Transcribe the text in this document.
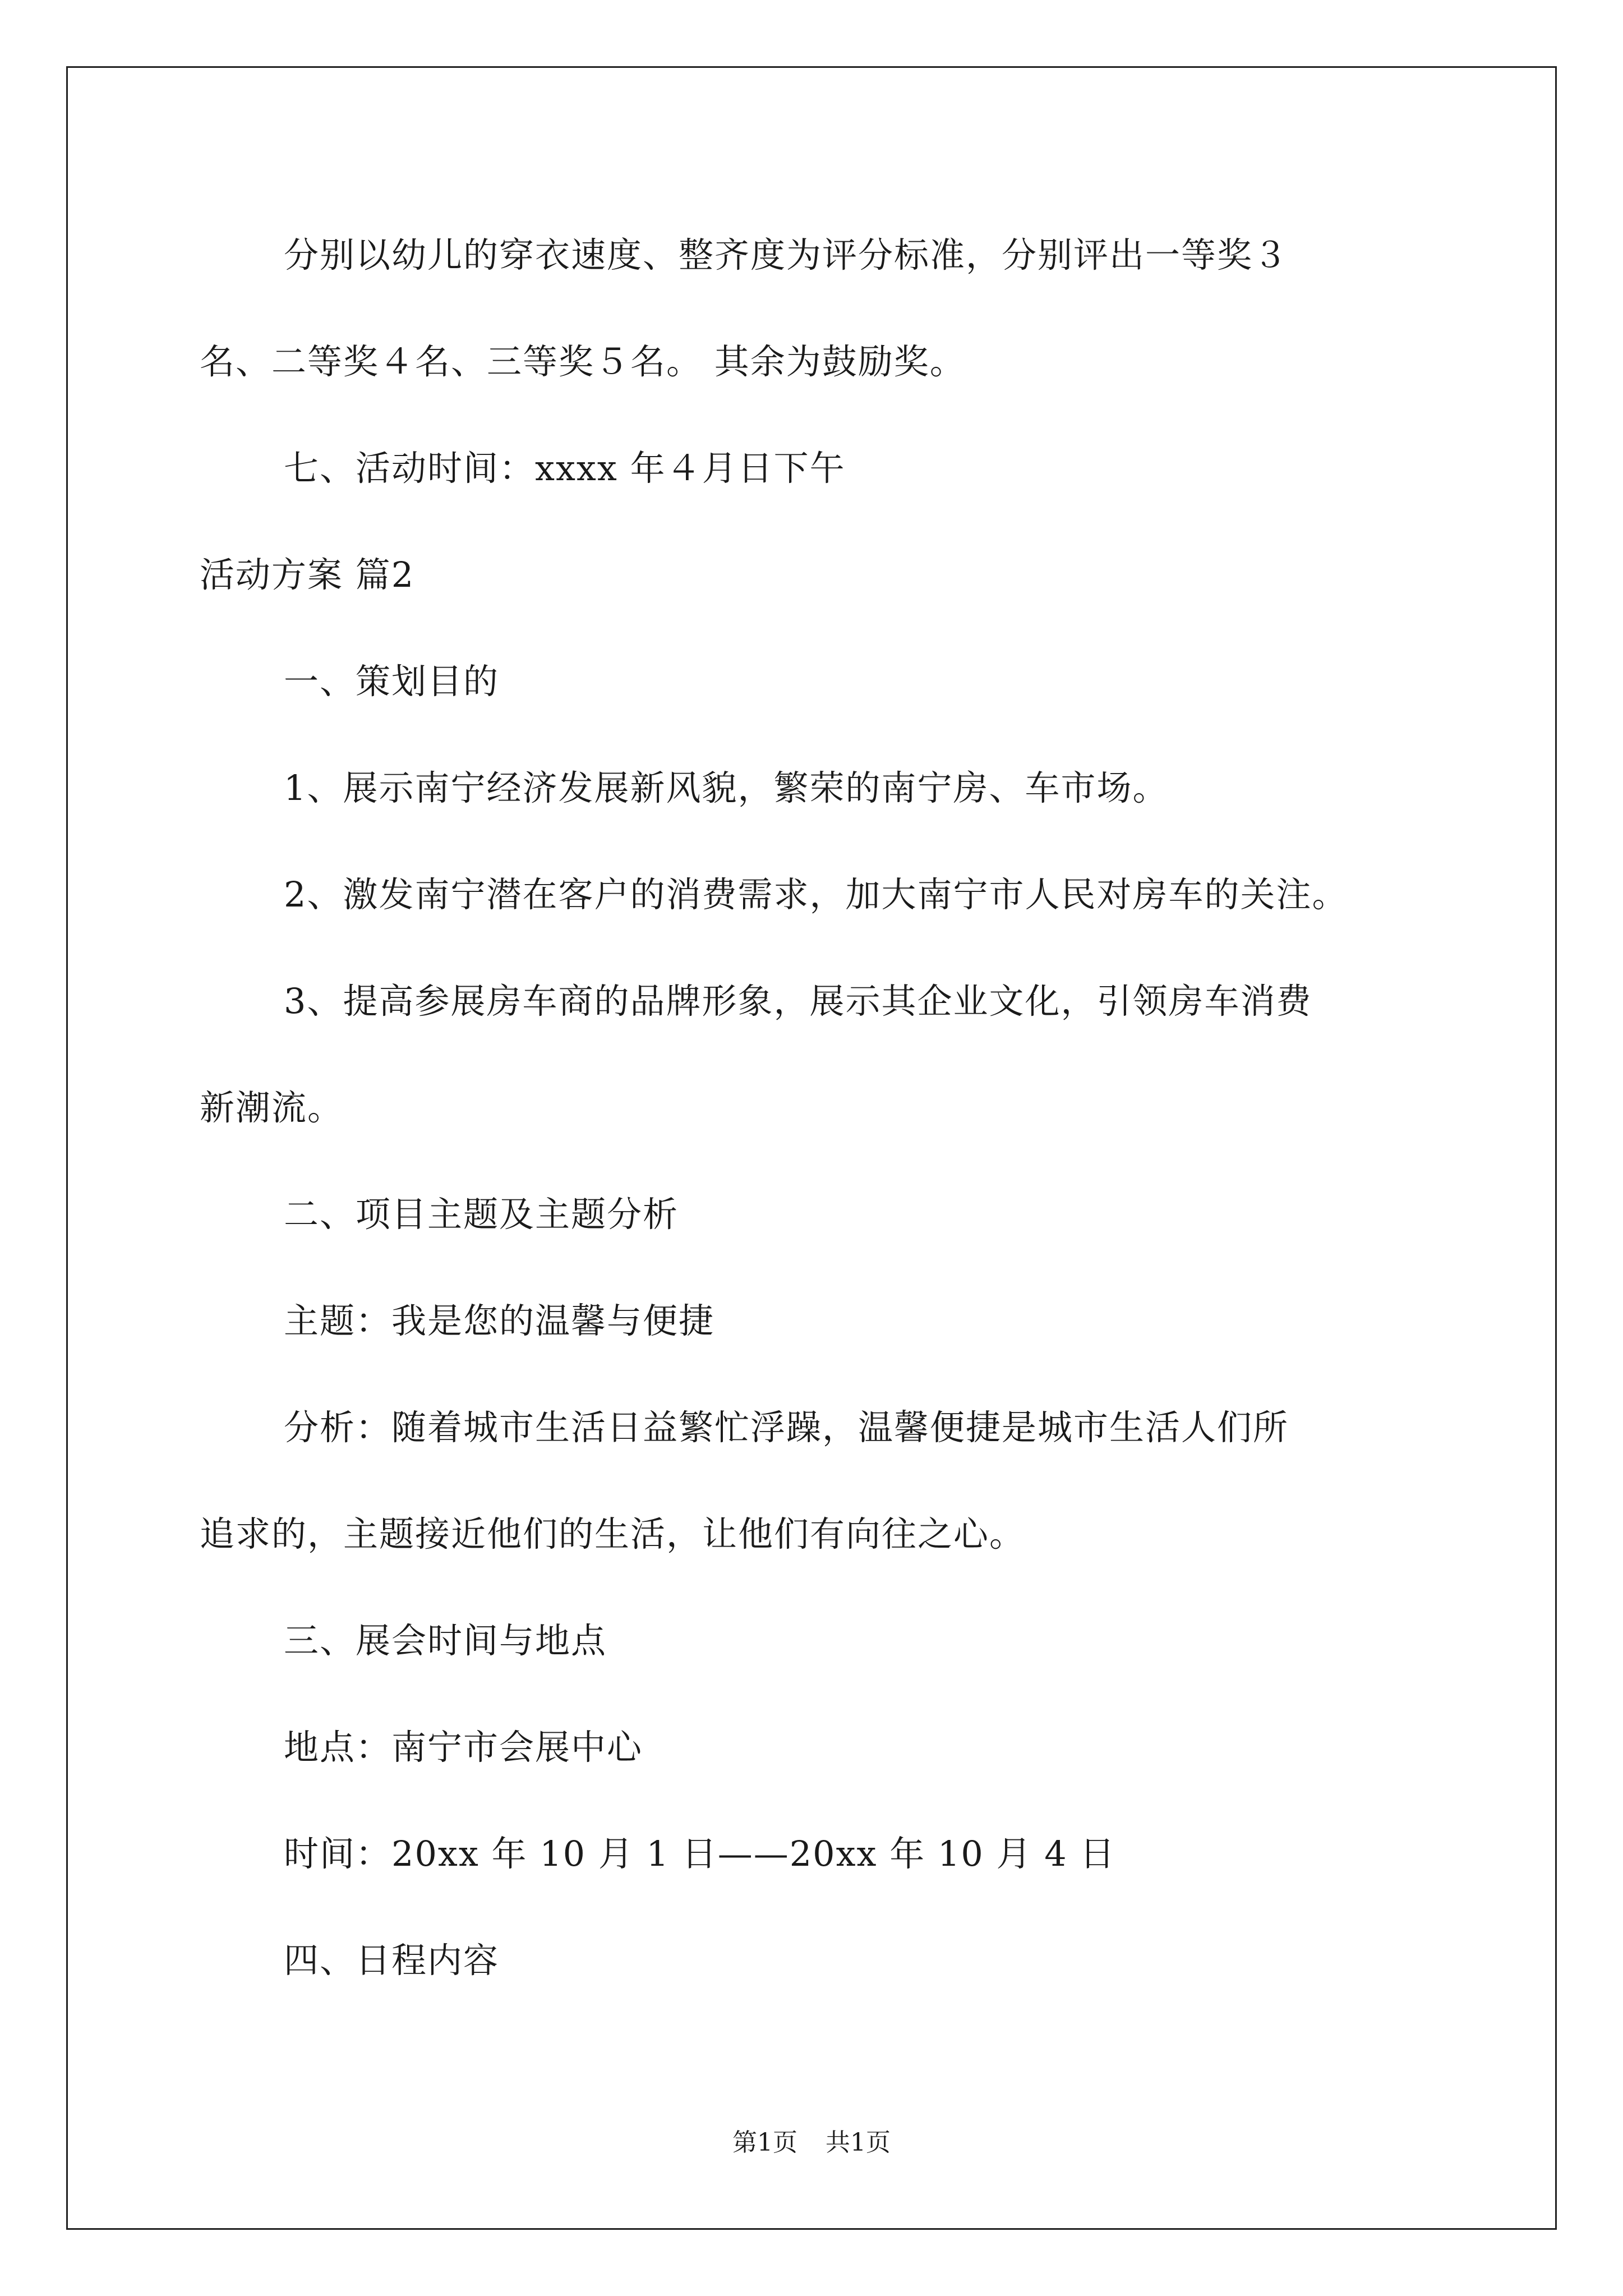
分别以幼儿的穿衣速度、整齐度为评分标准，分别评出一等奖３
名、二等奖４名、三等奖５名。 其余为鼓励奖。
七、活动时间：xxxx 年４月日下午
活动方案 篇2
一、策划目的
1、展示南宁经济发展新风貌，繁荣的南宁房、车市场。
2、激发南宁潜在客户的消费需求，加大南宁市人民对房车的关注。
3、提高参展房车商的品牌形象，展示其企业文化，引领房车消费
新潮流。
二、项目主题及主题分析
主题：我是您的温馨与便捷
分析：随着城市生活日益繁忙浮躁，温馨便捷是城市生活人们所
追求的，主题接近他们的生活，让他们有向往之心。
三、展会时间与地点
地点：南宁市会展中心
时间：20xx 年 10 月 1 日——20xx 年 10 月 4 日
四、日程内容
第1页 共1页
